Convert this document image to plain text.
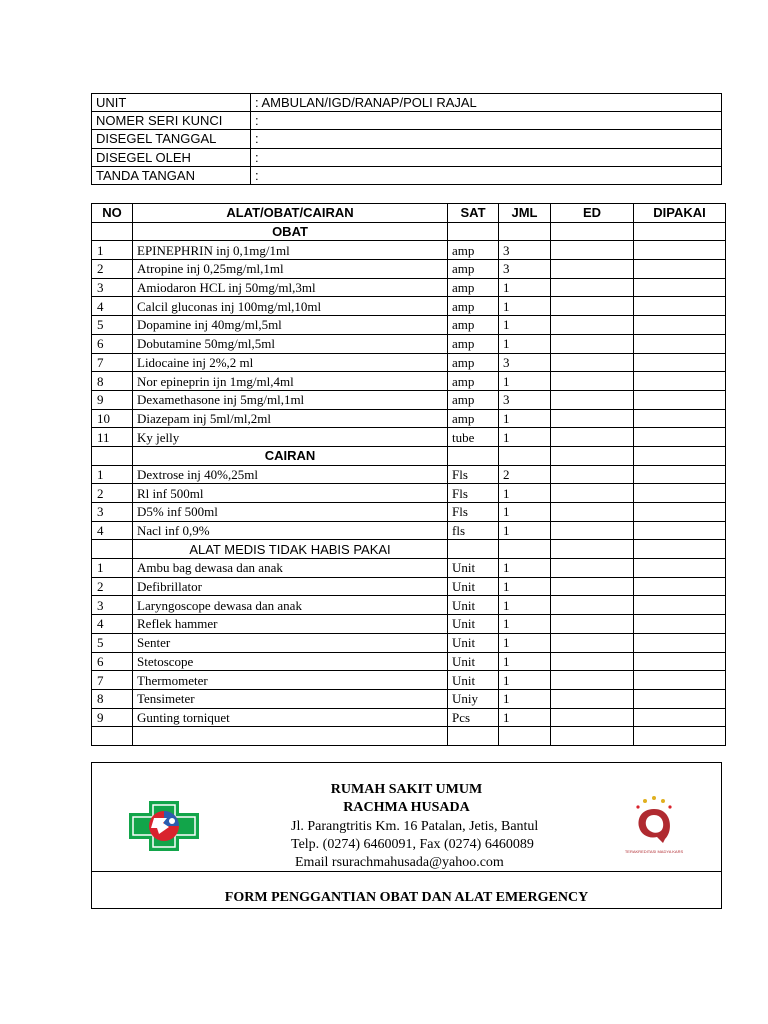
UNIT	: AMBULAN/IGD/RANAP/POLI RAJAL
NOMER SERI KUNCI	:
DISEGEL TANGGAL	:
DISEGEL OLEH	:
TANDA TANGAN	:
NO	ALAT/OBAT/CAIRAN	SAT	JML	ED	DIPAKAI
	OBAT				
1	EPINEPHRIN inj 0,1mg/1ml	amp	3		
2	Atropine inj 0,25mg/ml,1ml	amp	3		
3	Amiodaron HCL inj 50mg/ml,3ml	amp	1		
4	Calcil gluconas inj 100mg/ml,10ml	amp	1		
5	Dopamine inj 40mg/ml,5ml	amp	1		
6	Dobutamine 50mg/ml,5ml	amp	1		
7	Lidocaine inj 2%,2 ml	amp	3		
8	Nor epineprin ijn 1mg/ml,4ml	amp	1		
9	Dexamethasone inj 5mg/ml,1ml	amp	3		
10	Diazepam inj 5ml/ml,2ml	amp	1		
11	Ky jelly	tube	1		
	CAIRAN				
1	Dextrose inj 40%,25ml	Fls	2		
2	Rl inf 500ml	Fls	1		
3	D5% inf 500ml	Fls	1		
4	Nacl inf 0,9%	fls	1		
	ALAT MEDIS TIDAK HABIS PAKAI				
1	Ambu bag dewasa dan anak	Unit	1		
2	Defibrillator	Unit	1		
3	Laryngoscope dewasa dan anak	Unit	1		
4	Reflek hammer	Unit	1		
5	Senter	Unit	1		
6	Stetoscope	Unit	1		
7	Thermometer	Unit	1		
8	Tensimeter	Uniy	1		
9	Gunting torniquet	Pcs	1		

RUMAH SAKIT UMUM
RACHMA HUSADA
Jl. Parangtritis Km. 16 Patalan, Jetis, Bantul
Telp. (0274) 6460091, Fax (0274) 6460089
Email rsurachmahusada@yahoo.com
TERAKREDITASI MADYA KARS
FORM PENGGANTIAN OBAT DAN ALAT EMERGENCY
